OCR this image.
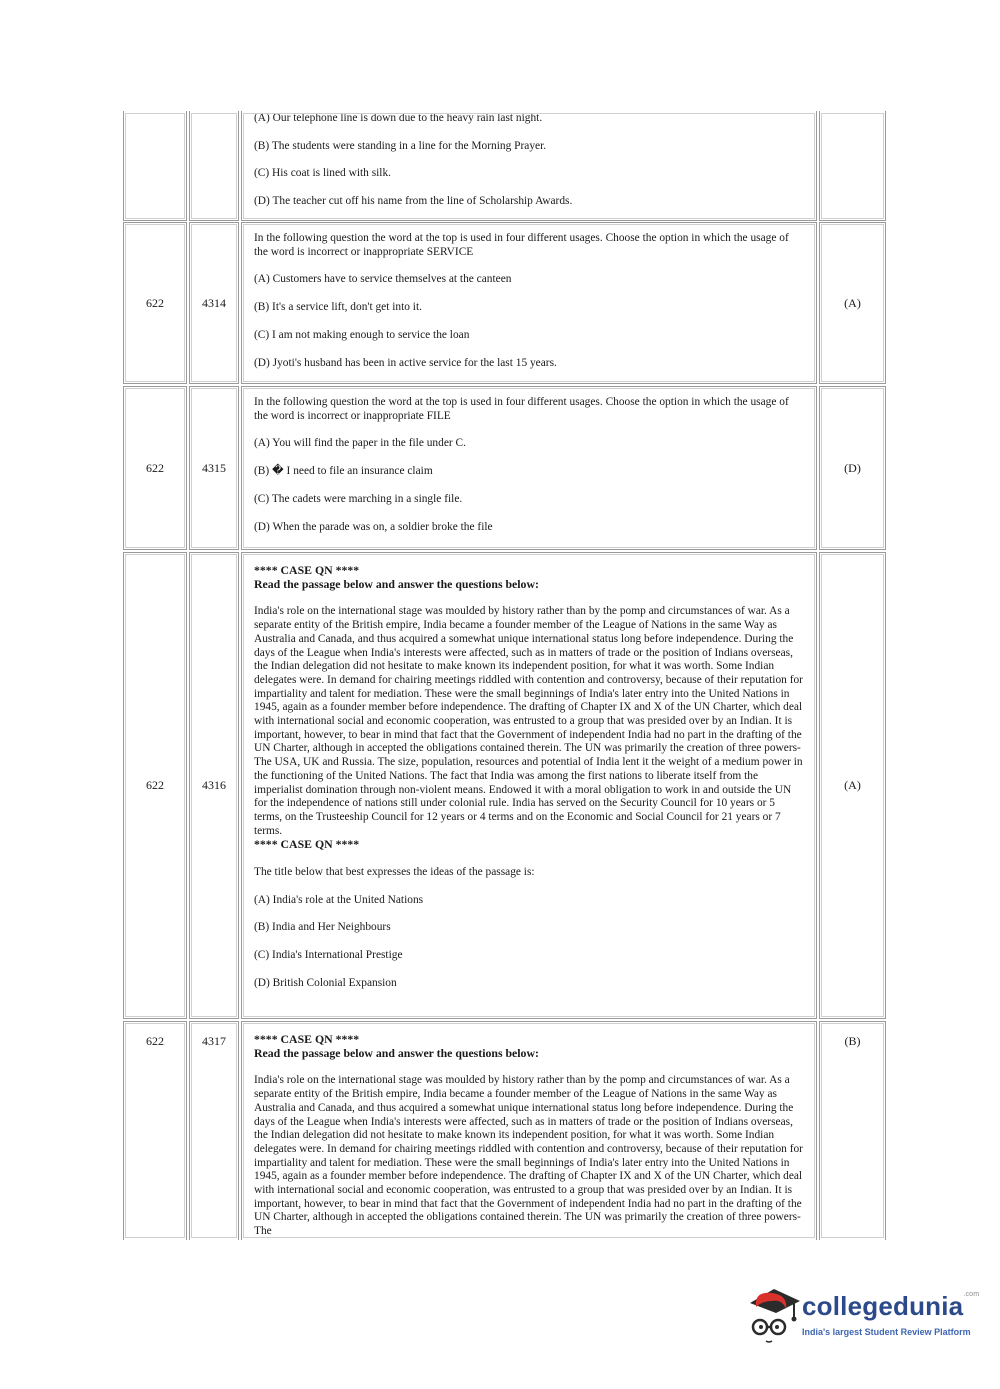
(A) Our telephone line is down due to the heavy rain last night.

(B) The students were standing in a line for the Morning Prayer.

(C) His coat is lined with silk.

(D) The teacher cut off his name from the line of Scholarship Awards.

622	4314

In the following question the word at the top is used in four different usages. Choose the option in which the usage of the word is incorrect or inappropriate SERVICE

(A) Customers have to service themselves at the canteen

(B) It's a service lift, don't get into it.

(C) I am not making enough to service the loan

(D) Jyoti's husband has been in active service for the last 15 years.

(A)
622	4315

In the following question the word at the top is used in four different usages. Choose the option in which the usage of the word is incorrect or inappropriate FILE

(A) You will find the paper in the file under C.

(B) � I need to file an insurance claim

(C) The cadets were marching in a single file.

(D) When the parade was on, a soldier broke the file

(D)
622	4316
**** CASE QN ****
Read the passage below and answer the questions below:
India's role on the international stage was moulded by history rather than by the pomp and circumstances of war. As a separate entity of the British empire, India became a founder member of the League of Nations in the same Way as Australia and Canada, and thus acquired a somewhat unique international status long before independence. During the days of the League when India's interests were affected, such as in matters of trade or the position of Indians overseas, the Indian delegation did not hesitate to make known its independent position, for what it was worth. Some Indian delegates were. In demand for chairing meetings riddled with contention and controversy, because of their reputation for impartiality and talent for mediation. These were the small beginnings of India's later entry into the United Nations in 1945, again as a founder member before independence. The drafting of Chapter IX and X of the UN Charter, which deal with international social and economic cooperation, was entrusted to a group that was presided over by an Indian. It is important, however, to bear in mind that fact that the Government of independent India had no part in the drafting of the UN Charter, although in accepted the obligations contained therein. The UN was primarily the creation of three powers-The USA, UK and Russia. The size, population, resources and potential of India lent it the weight of a medium power in the functioning of the United Nations. The fact that India was among the first nations to liberate itself from the imperialist domination through non-violent means. Endowed it with a moral obligation to work in and outside the UN for the independence of nations still under colonial rule. India has served on the Security Council for 10 years or 5 terms, on the Trusteeship Council for 12 years or 4 terms and on the Economic and Social Council for 21 years or 7 terms.

**** CASE QN ****

The title below that best expresses the ideas of the passage is:

(A) India's role at the United Nations

(B) India and Her Neighbours

(C) India's International Prestige

(D) British Colonial Expansion

(A)
622	4317	**** CASE QN ****
Read the passage below and answer the questions below:
India's role on the international stage was moulded by history rather than by the pomp and circumstances of war. As a separate entity of the British empire, India became a founder member of the League of Nations in the same Way as Australia and Canada, and thus acquired a somewhat unique international status long before independence. During the days of the League when India's interests were affected, such as in matters of trade or the position of Indians overseas, the Indian delegation did not hesitate to make known its independent position, for what it was worth. Some Indian delegates were. In demand for chairing meetings riddled with contention and controversy, because of their reputation for impartiality and talent for mediation. These were the small beginnings of India's later entry into the United Nations in 1945, again as a founder member before independence. The drafting of Chapter IX and X of the UN Charter, which deal with international social and economic cooperation, was entrusted to a group that was presided over by an Indian. It is important, however, to bear in mind that fact that the Government of independent India had no part in the drafting of the UN Charter, although in accepted the obligations contained therein. The UN was primarily the creation of three powers-The
(B)
collegedunia$^{.com}$
India's largest Student Review Platform
